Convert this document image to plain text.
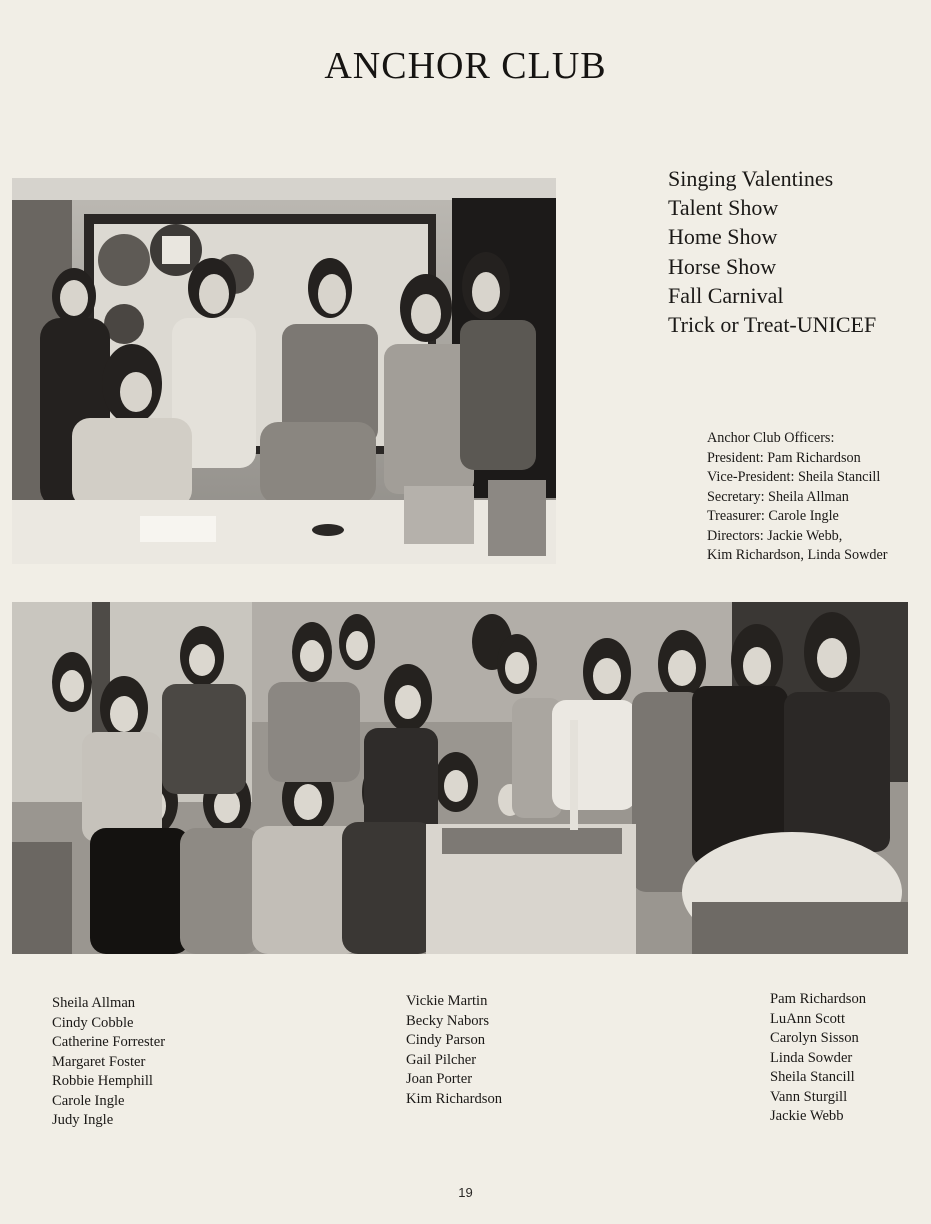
ANCHOR CLUB
Singing Valentines
Talent Show
Home Show
Horse Show
Fall Carnival
Trick or Treat-UNICEF
Anchor Club Officers:
President: Pam Richardson
Vice-President: Sheila Stancill
Secretary: Sheila Allman
Treasurer: Carole Ingle
Directors: Jackie Webb,
Kim Richardson, Linda Sowder
Sheila Allman
Cindy Cobble
Catherine Forrester
Margaret Foster
Robbie Hemphill
Carole Ingle
Judy Ingle
Vickie Martin
Becky Nabors
Cindy Parson
Gail Pilcher
Joan Porter
Kim Richardson
Pam Richardson
LuAnn Scott
Carolyn Sisson
Linda Sowder
Sheila Stancill
Vann Sturgill
Jackie Webb
19
